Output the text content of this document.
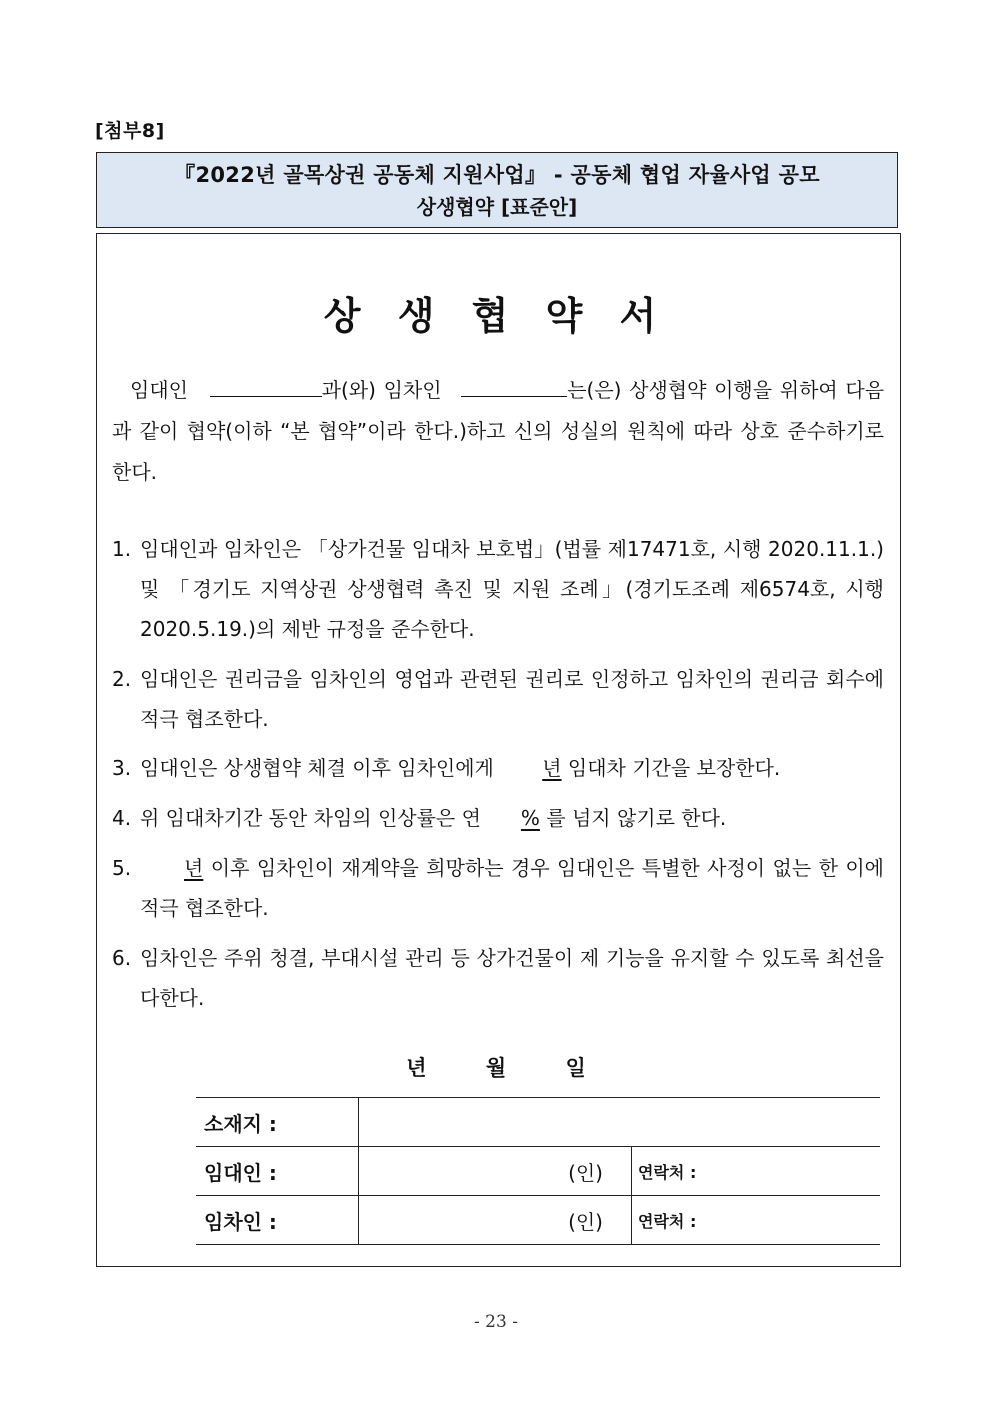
[첨부8]
『2022년 골목상권 공동체 지원사업』 - 공동체 협업 자율사업 공모
상생협약 [표준안]
상 생 협 약 서
임대인	과(와) 임차인	는(은) 상생협약 이행을 위하여 다음과 같이 협약(이하 “본 협약”이라 한다.)하고 신의 성실의 원칙에 따라 상호 준수하기로 한다.
1. 임대인과 임차인은 「상가건물 임대차 보호법」(법률 제17471호, 시행 2020.11.1.) 및 「경기도 지역상권 상생협력 촉진 및 지원 조례」(경기도조례 제6574호, 시행 2020.5.19.)의 제반 규정을 준수한다.
2. 임대인은 권리금을 임차인의 영업과 관련된 권리로 인정하고 임차인의 권리금 회수에 적극 협조한다.
3. 임대인은 상생협약 체결 이후 임차인에게 년 임대차 기간을 보장한다.
4. 위 임대차기간 동안 차임의 인상률은 연 % 를 넘지 않기로 한다.
5.	년 이후 임차인이 재계약을 희망하는 경우 임대인은 특별한 사정이 없는 한 이에 적극 협조한다.
6. 임차인은 주위 청결, 부대시설 관리 등 상가건물이 제 기능을 유지할 수 있도록 최선을 다한다.
년	월	일
소재지 :		
임대인 :	(인)	연락처 :
임차인 :	(인)	연락처 :
- 23 -
